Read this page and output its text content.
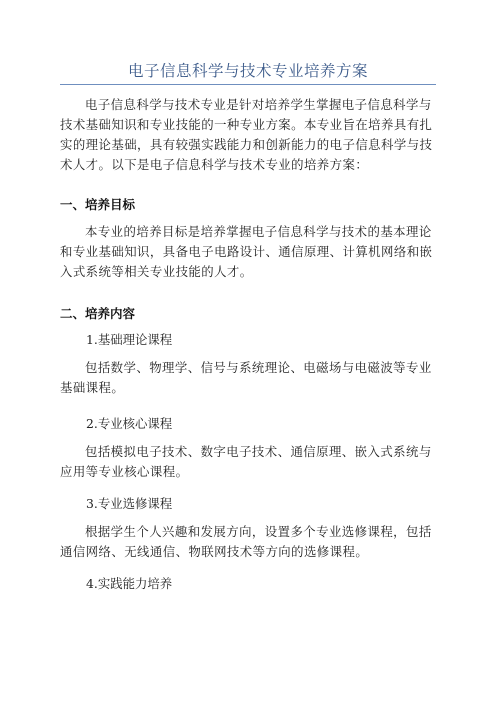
电子信息科学与技术专业培养方案

电子信息科学与技术专业是针对培养学生掌握电子信息科学与技术基础知识和专业技能的一种专业方案。本专业旨在培养具有扎实的理论基础，具有较强实践能力和创新能力的电子信息科学与技术人才。以下是电子信息科学与技术专业的培养方案：

一、培养目标

本专业的培养目标是培养掌握电子信息科学与技术的基本理论和专业基础知识，具备电子电路设计、通信原理、计算机网络和嵌入式系统等相关专业技能的人才。

二、培养内容

1.基础理论课程

包括数学、物理学、信号与系统理论、电磁场与电磁波等专业基础课程。

2.专业核心课程

包括模拟电子技术、数字电子技术、通信原理、嵌入式系统与应用等专业核心课程。

3.专业选修课程

根据学生个人兴趣和发展方向，设置多个专业选修课程，包括通信网络、无线通信、物联网技术等方向的选修课程。

4.实践能力培养
